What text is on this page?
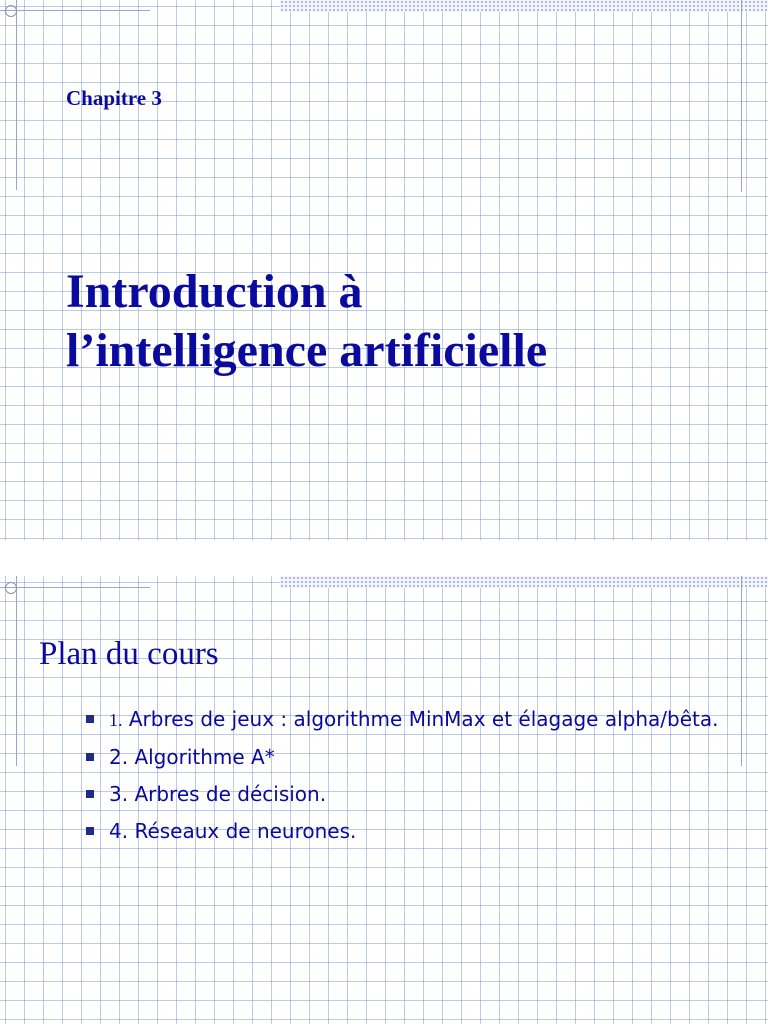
Chapitre 3
Introduction à
l’intelligence artificielle
Plan du cours
1. Arbres de jeux : algorithme MinMax et élagage alpha/bêta.
2. Algorithme A*
3. Arbres de décision.
4. Réseaux de neurones.
